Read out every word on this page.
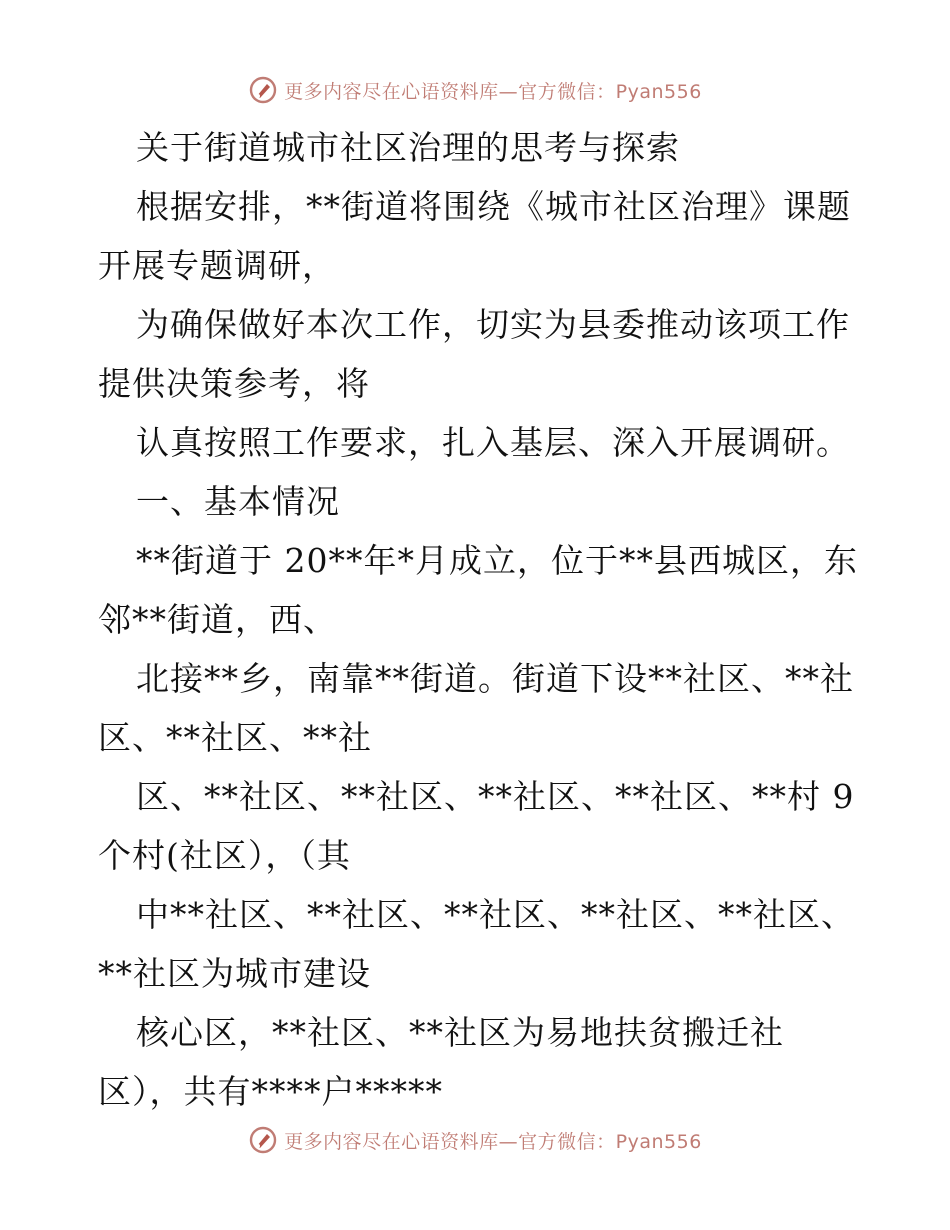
更多内容尽在心语资料库—官方微信：Pyan556
关于街道城市社区治理的思考与探索
根据安排，**街道将围绕《城市社区治理》课题
开展专题调研，
为确保做好本次工作，切实为县委推动该项工作
提供决策参考，将
认真按照工作要求，扎入基层、深入开展调研。
一、基本情况
**街道于 20**年*月成立，位于**县西城区，东
邻**街道，西、
北接**乡，南靠**街道。街道下设**社区、**社
区、**社区、**社
区、**社区、**社区、**社区、**社区、**村 9
个村(社区），（其
中**社区、**社区、**社区、**社区、**社区、
**社区为城市建设
核心区，**社区、**社区为易地扶贫搬迁社
区），共有****户*****
更多内容尽在心语资料库—官方微信：Pyan556
